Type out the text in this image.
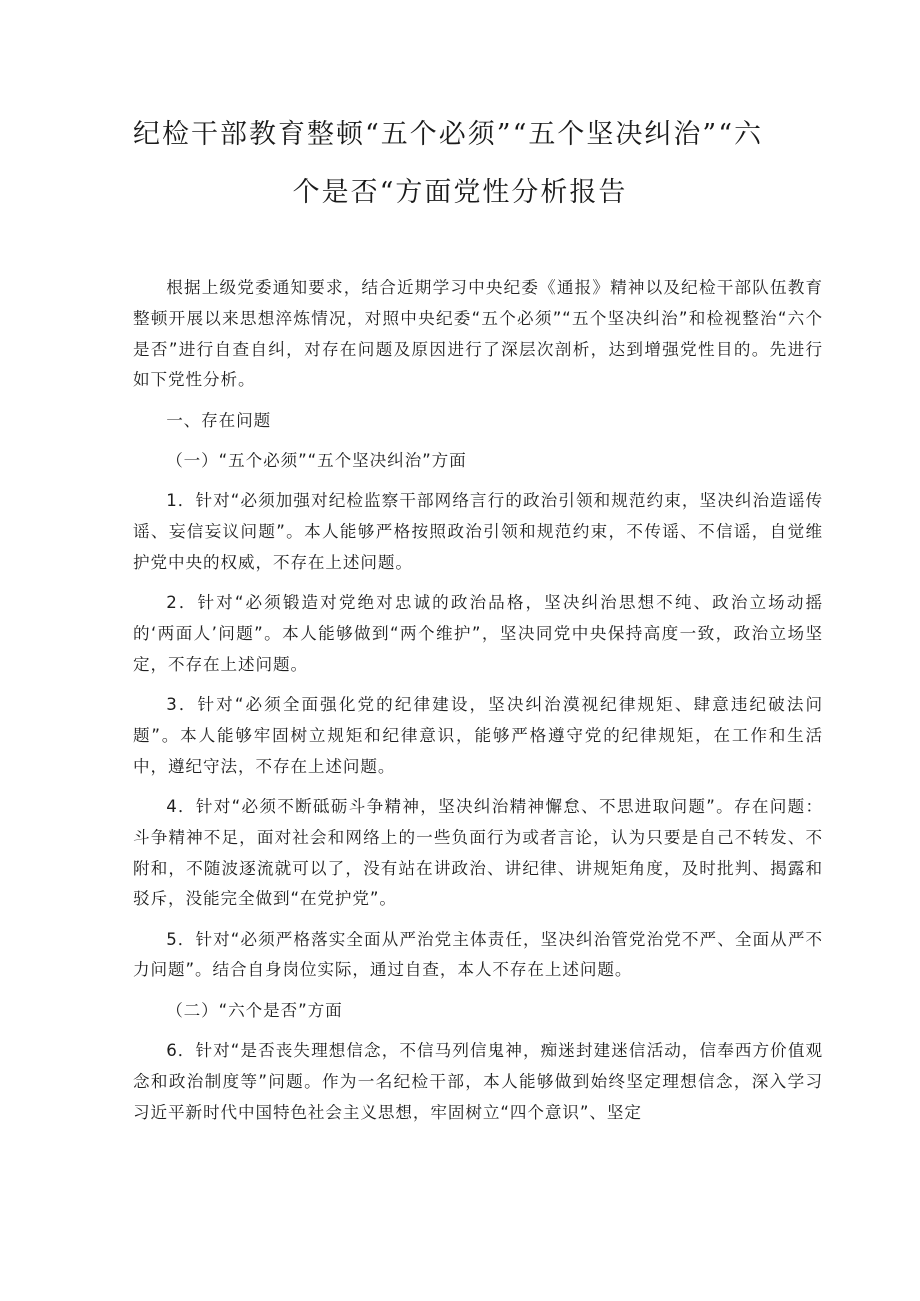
纪检干部教育整顿“五个必须”“五个坚决纠治”“六
个是否“方面党性分析报告

根据上级党委通知要求，结合近期学习中央纪委《通报》精神以及纪检干部队伍教育整顿开展以来思想淬炼情况，对照中央纪委“五个必须”“五个坚决纠治”和检视整治“六个是否”进行自查自纠，对存在问题及原因进行了深层次剖析，达到增强党性目的。先进行如下党性分析。

一、存在问题

（一）“五个必须”“五个坚决纠治”方面

1．针对“必须加强对纪检监察干部网络言行的政治引领和规范约束，坚决纠治造谣传谣、妄信妄议问题”。本人能够严格按照政治引领和规范约束，不传谣、不信谣，自觉维护党中央的权威，不存在上述问题。

2．针对“必须锻造对党绝对忠诚的政治品格，坚决纠治思想不纯、政治立场动摇的‘两面人’问题”。本人能够做到“两个维护”，坚决同党中央保持高度一致，政治立场坚定，不存在上述问题。

3．针对“必须全面强化党的纪律建设，坚决纠治漠视纪律规矩、肆意违纪破法问题”。本人能够牢固树立规矩和纪律意识，能够严格遵守党的纪律规矩，在工作和生活中，遵纪守法，不存在上述问题。

4．针对“必须不断砥砺斗争精神，坚决纠治精神懈怠、不思进取问题”。存在问题：斗争精神不足，面对社会和网络上的一些负面行为或者言论，认为只要是自己不转发、不附和，不随波逐流就可以了，没有站在讲政治、讲纪律、讲规矩角度，及时批判、揭露和驳斥，没能完全做到“在党护党”。

5．针对“必须严格落实全面从严治党主体责任，坚决纠治管党治党不严、全面从严不力问题”。结合自身岗位实际，通过自查，本人不存在上述问题。

（二）“六个是否”方面

6．针对“是否丧失理想信念，不信马列信鬼神，痴迷封建迷信活动，信奉西方价值观念和政治制度等”问题。作为一名纪检干部，本人能够做到始终坚定理想信念，深入学习习近平新时代中国特色社会主义思想，牢固树立“四个意识”、坚定
